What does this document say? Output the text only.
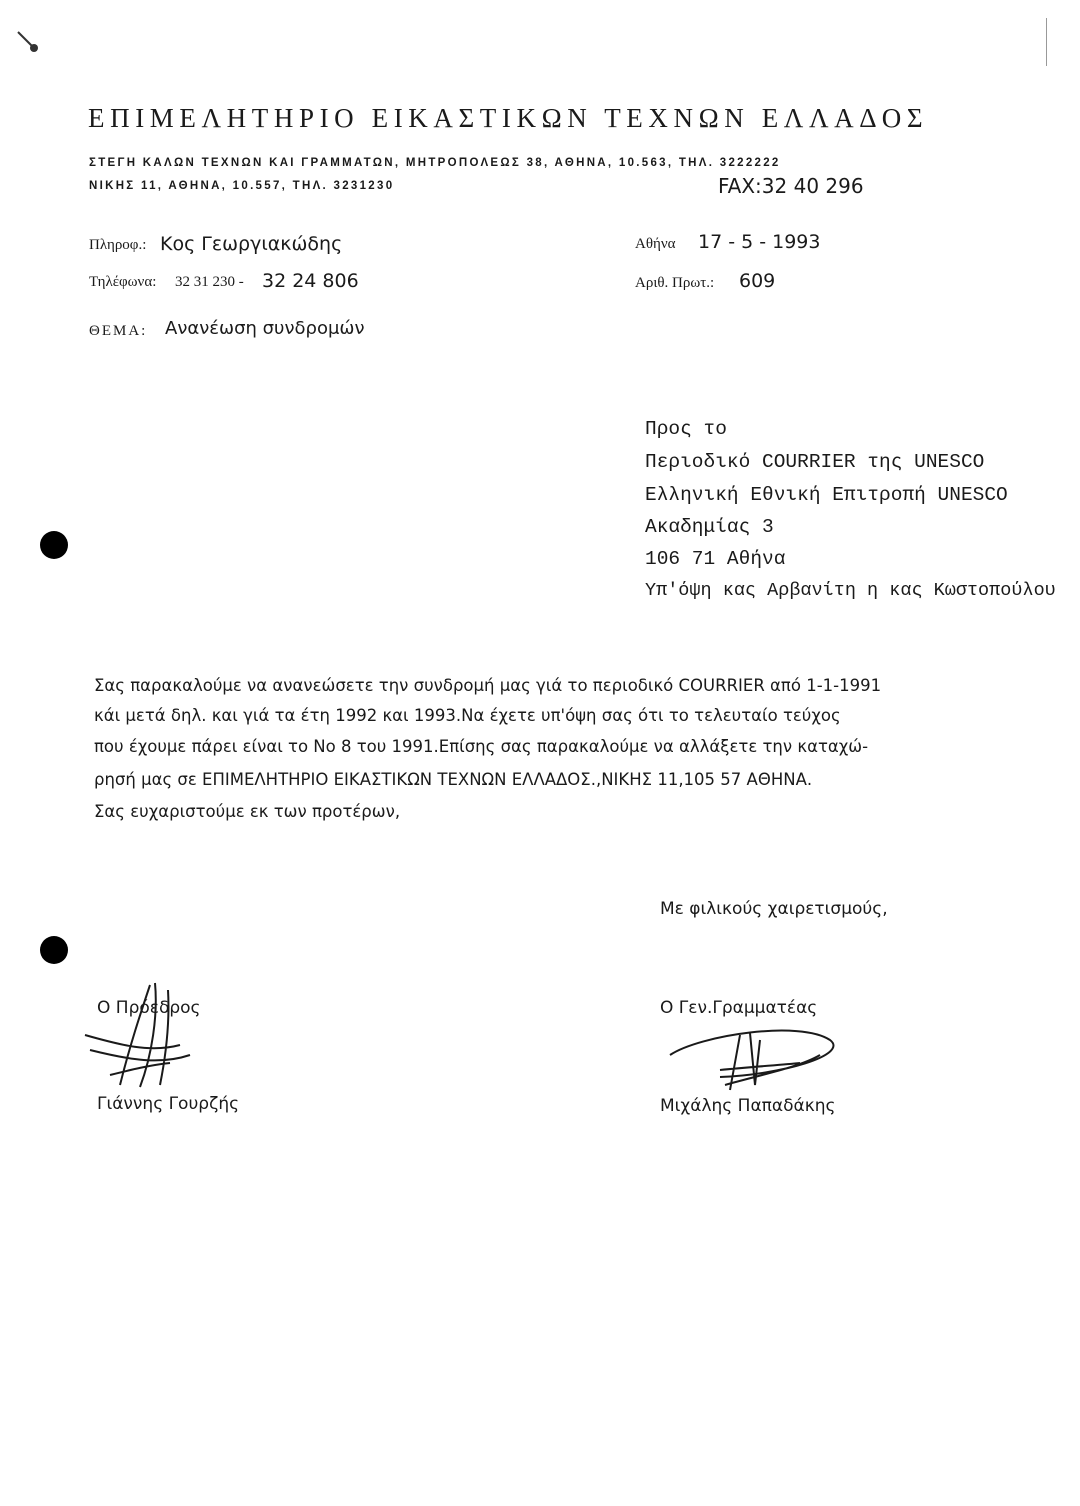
ΕΠΙΜΕΛΗΤΗΡΙΟ ΕΙΚΑΣΤΙΚΩΝ ΤΕΧΝΩΝ ΕΛΛΑΔΟΣ
ΣΤΕΓΗ ΚΑΛΩΝ ΤΕΧΝΩΝ ΚΑΙ ΓΡΑΜΜΑΤΩΝ, ΜΗΤΡΟΠΟΛΕΩΣ 38, ΑΘΗΝΑ, 10.563, ΤΗΛ. 3222222
ΝΙΚΗΣ 11, ΑΘΗΝΑ, 10.557, ΤΗΛ. 3231230	FAX:32 40 296
Πληροφ.: Κος Γεωργιακώδης
Τηλέφωνα: 32 31 230 - 32 24 806
Αθήνα 17 - 5 - 1993
Αριθ. Πρωτ.: 609
ΘΕΜΑ: Ανανέωση συνδρομών
Προς το
Περιοδικό COURRIER της UNESCO
Ελληνική Εθνική Επιτροπή UNESCO
Ακαδημίας 3
106 71 Αθήνα
Υπ'όψη κας Αρβανίτη η κας Κωστοπούλου
Σας παρακαλούμε να ανανεώσετε την συνδρομή μας γιά το περιοδικό COURRIER από 1-1-1991
κάι μετά δηλ. και γιά τα έτη 1992 και 1993.Να έχετε υπ'όψη σας ότι το τελευταίο τεύχος
που έχουμε πάρει είναι το Νο 8 του 1991.Επίσης σας παρακαλούμε να αλλάξετε την καταχώ-
ρησή μας σε ΕΠΙΜΕΛΗΤΗΡΙΟ ΕΙΚΑΣΤΙΚΩΝ ΤΕΧΝΩΝ ΕΛΛΑΔΟΣ.,ΝΙΚΗΣ 11,105 57 ΑΘΗΝΑ.
Σας ευχαριστούμε εκ των προτέρων,
Με φιλικούς χαιρετισμούς,
Ο Πρόεδρος
Γιάννης Γουρζής
Ο Γεν.Γραμματέας
Μιχάλης Παπαδάκης
